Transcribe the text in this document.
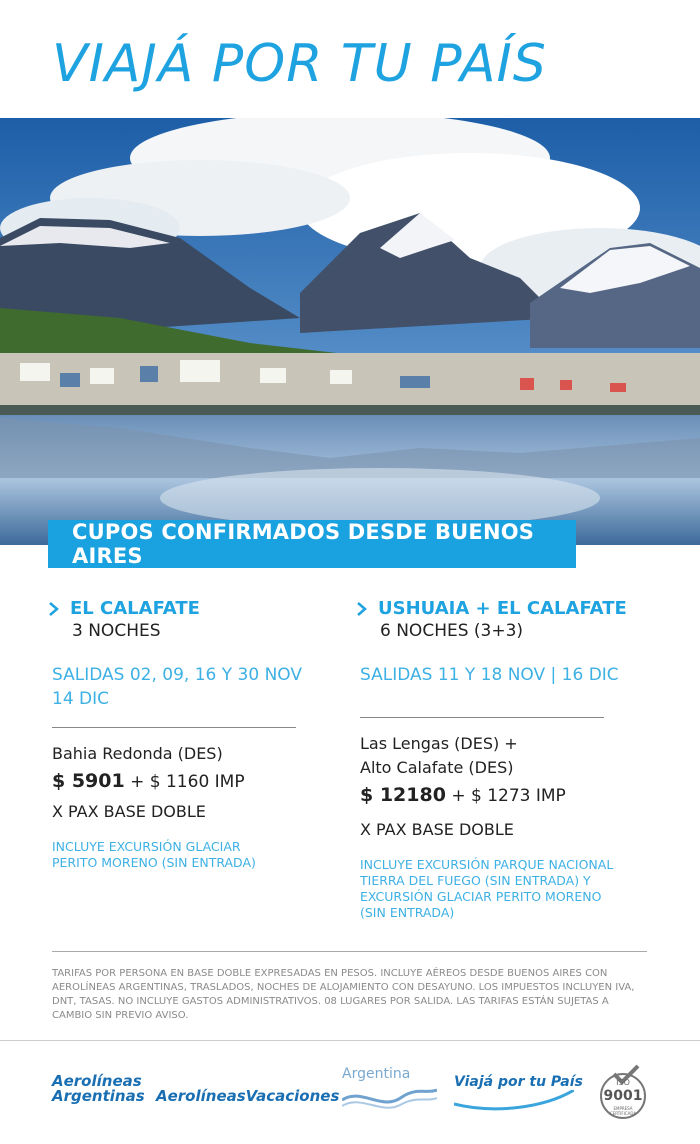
VIAJÁ POR TU PAÍS
CUPOS CONFIRMADOS DESDE BUENOS AIRES
EL CALAFATE
3 NOCHES
SALIDAS 02, 09, 16 Y 30 NOV
14 DIC
Bahia Redonda (DES)
$ 5901 + $ 1160 IMP
X PAX BASE DOBLE
INCLUYE EXCURSIÓN GLACIAR PERITO MORENO (SIN ENTRADA)
USHUAIA + EL CALAFATE
6 NOCHES (3+3)
SALIDAS 11 Y 18 NOV | 16 DIC
Las Lengas (DES) +
Alto Calafate (DES)
$ 12180 + $ 1273 IMP
X PAX BASE DOBLE
INCLUYE EXCURSIÓN PARQUE NACIONAL TIERRA DEL FUEGO (SIN ENTRADA) Y EXCURSIÓN GLACIAR PERITO MORENO (SIN ENTRADA)
TARIFAS POR PERSONA EN BASE DOBLE EXPRESADAS EN PESOS. INCLUYE AÉREOS DESDE BUENOS AIRES CON AEROLÍNEAS ARGENTINAS, TRASLADOS, NOCHES DE ALOJAMIENTO CON DESAYUNO. LOS IMPUESTOS INCLUYEN IVA, DNT, TASAS. NO INCLUYE GASTOS ADMINISTRATIVOS. 08 LUGARES POR SALIDA. LAS TARIFAS ESTÁN SUJETAS A CAMBIO SIN PREVIO AVISO.
Aerolíneas
Argentinas AerolíneasVacaciones
Argentina	Viajá por tu País	ISO
9001
EMPRESA CERTIFICADA
